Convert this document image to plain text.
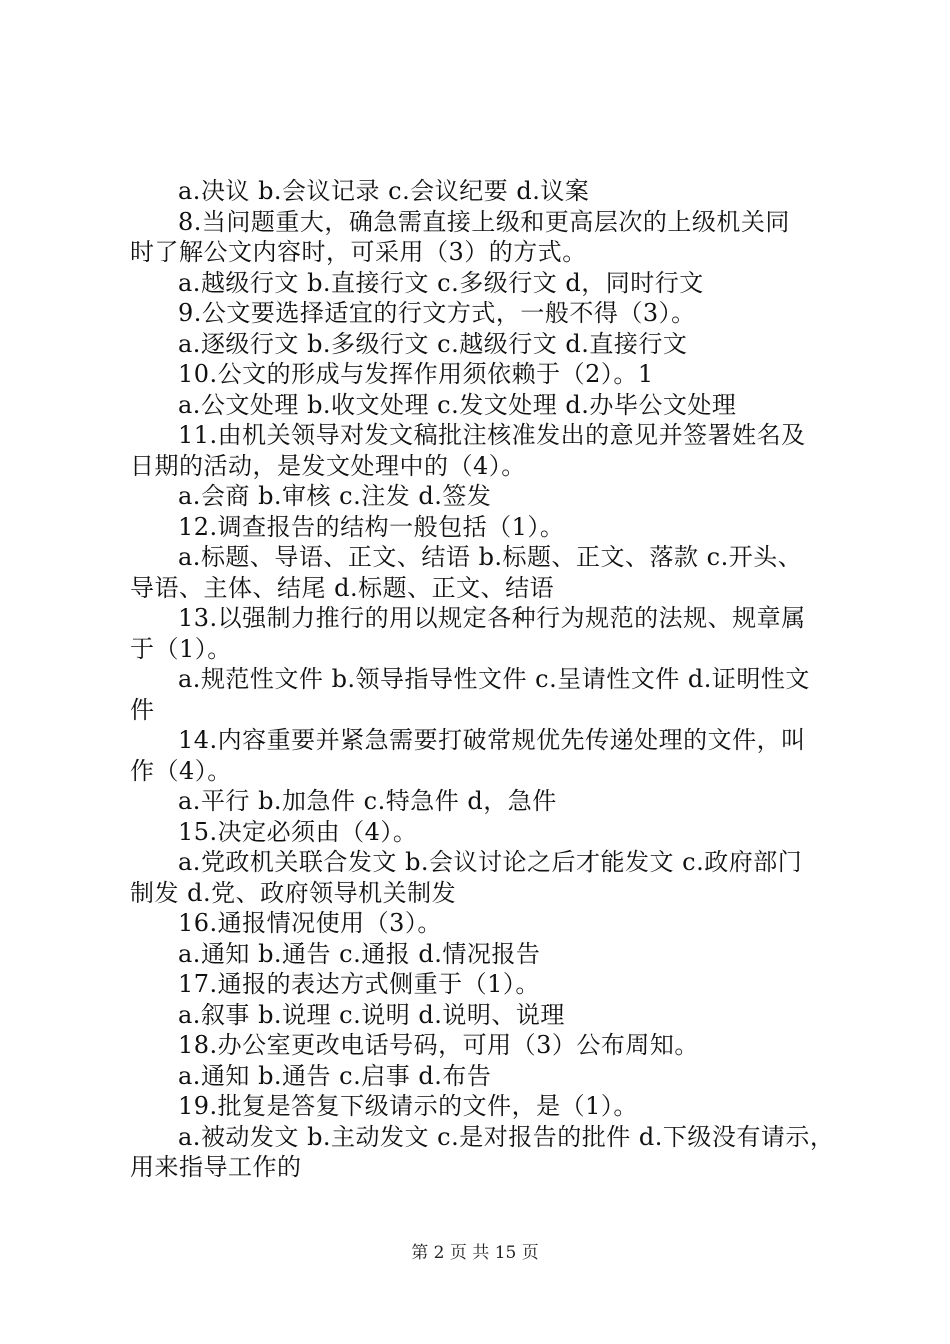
a.决议 b.会议记录 c.会议纪要 d.议案
8.当问题重大，确急需直接上级和更高层次的上级机关同
时了解公文内容时，可采用（3）的方式。
a.越级行文 b.直接行文 c.多级行文 d，同时行文
9.公文要选择适宜的行文方式，一般不得（3）。
a.逐级行文 b.多级行文 c.越级行文 d.直接行文
10.公文的形成与发挥作用须依赖于（2）。1
a.公文处理 b.收文处理 c.发文处理 d.办毕公文处理
11.由机关领导对发文稿批注核准发出的意见并签署姓名及
日期的活动，是发文处理中的（4）。
a.会商 b.审核 c.注发 d.签发
12.调查报告的结构一般包括（1）。
a.标题、导语、正文、结语 b.标题、正文、落款 c.开头、
导语、主体、结尾 d.标题、正文、结语
13.以强制力推行的用以规定各种行为规范的法规、规章属
于（1）。
a.规范性文件 b.领导指导性文件 c.呈请性文件 d.证明性文
件
14.内容重要并紧急需要打破常规优先传递处理的文件，叫
作（4）。
a.平行 b.加急件 c.特急件 d，急件
15.决定必须由（4）。
a.党政机关联合发文 b.会议讨论之后才能发文 c.政府部门
制发 d.党、政府领导机关制发
16.通报情况使用（3）。
a.通知 b.通告 c.通报 d.情况报告
17.通报的表达方式侧重于（1）。
a.叙事 b.说理 c.说明 d.说明、说理
18.办公室更改电话号码，可用（3）公布周知。
a.通知 b.通告 c.启事 d.布告
19.批复是答复下级请示的文件，是（1）。
a.被动发文 b.主动发文 c.是对报告的批件 d.下级没有请示，
用来指导工作的
第 2 页 共 15 页
